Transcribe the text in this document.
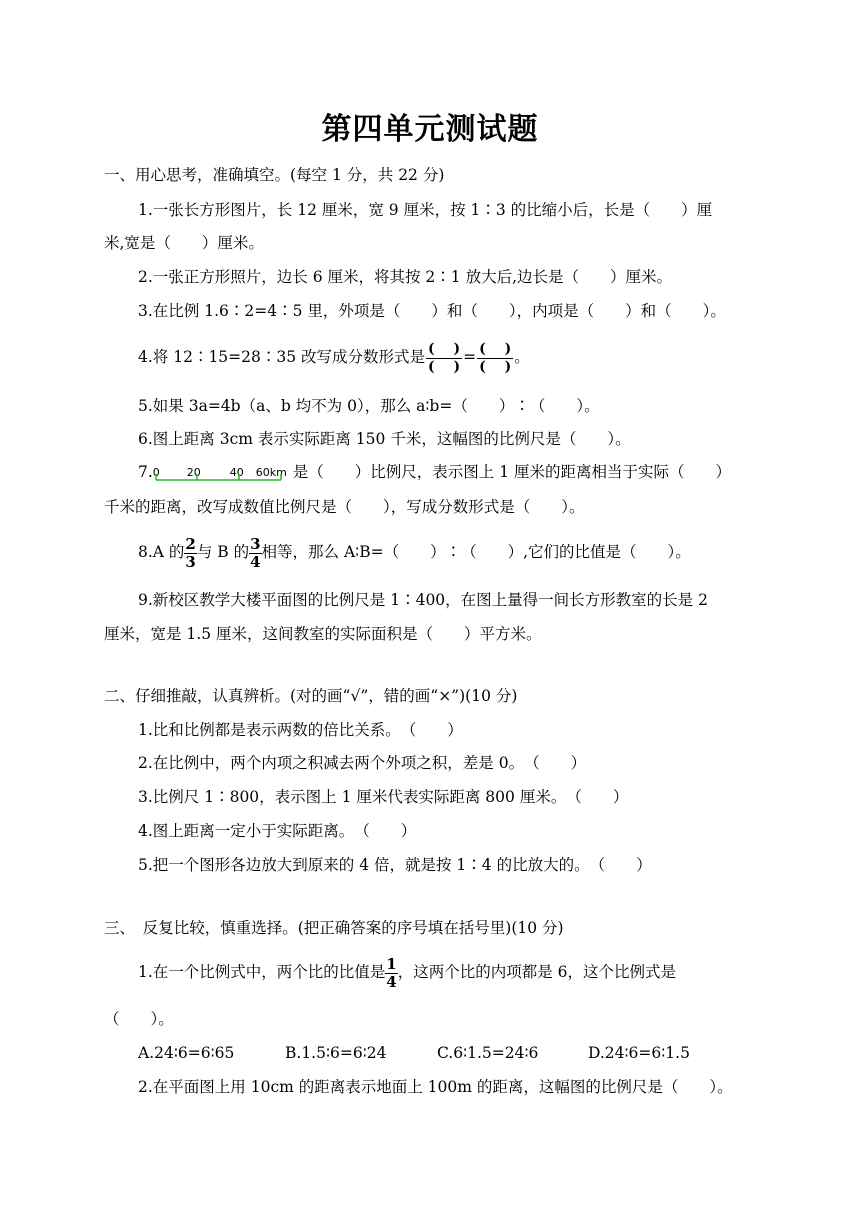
第四单元测试题
一、用心思考，准确填空。(每空 1 分，共 22 分)
1.一张长方形图片，长 12 厘米，宽 9 厘米，按 1∶3 的比缩小后，长是（　　）厘
米,宽是（　　）厘米。
2.一张正方形照片，边长 6 厘米，将其按 2∶1 放大后,边长是（　　）厘米。
3.在比例 1.6∶2=4∶5 里，外项是（　　）和（　　），内项是（　　）和（　　）。
4.将 12∶15=28∶35 改写成分数形式是 $\frac{( )}{( )} = \frac{( )}{( )}$ 。
5.如果 3a=4b（a、b 均不为 0），那么 a∶b=（　　）∶（　　）。
6.图上距离 3cm 表示实际距离 150 千米，这幅图的比例尺是（　　）。
7. 0 20	40 60km 是（　　）比例尺，表示图上 1 厘米的距离相当于实际（　　）
千米的距离，改写成数值比例尺是（　　），写成分数形式是（　　）。
8.A 的 $\frac{2}{3}$ 与 B 的 $\frac{3}{4}$ 相等，那么 A∶B=（　　）∶（　　）,它们的比值是（　　）。
9.新校区教学大楼平面图的比例尺是 1∶400，在图上量得一间长方形教室的长是 2
厘米，宽是 1.5 厘米，这间教室的实际面积是（　　）平方米。
二、仔细推敲，认真辨析。(对的画“√”，错的画“×”)(10 分)
1.比和比例都是表示两数的倍比关系。　（　　）
2.在比例中，两个内项之积减去两个外项之积，差是 0。　（　　）
3.比例尺 1∶800，表示图上 1 厘米代表实际距离 800 厘米。　（　　）
4.图上距离一定小于实际距离。　（　　）
5.把一个图形各边放大到原来的 4 倍，就是按 1∶4 的比放大的。　（　　）
三、　反复比较，慎重选择。(把正确答案的序号填在括号里)(10 分)
1.在一个比例式中，两个比的比值是 $\frac{1}{4}$ ，这两个比的内项都是 6，这个比例式是
（　　）。
A.24∶6=6∶65	B.1.5∶6=6∶24	C.6∶1.5=24∶6	D.24∶6=6∶1.5
2.在平面图上用 10cm 的距离表示地面上 100m 的距离，这幅图的比例尺是（　　）。
